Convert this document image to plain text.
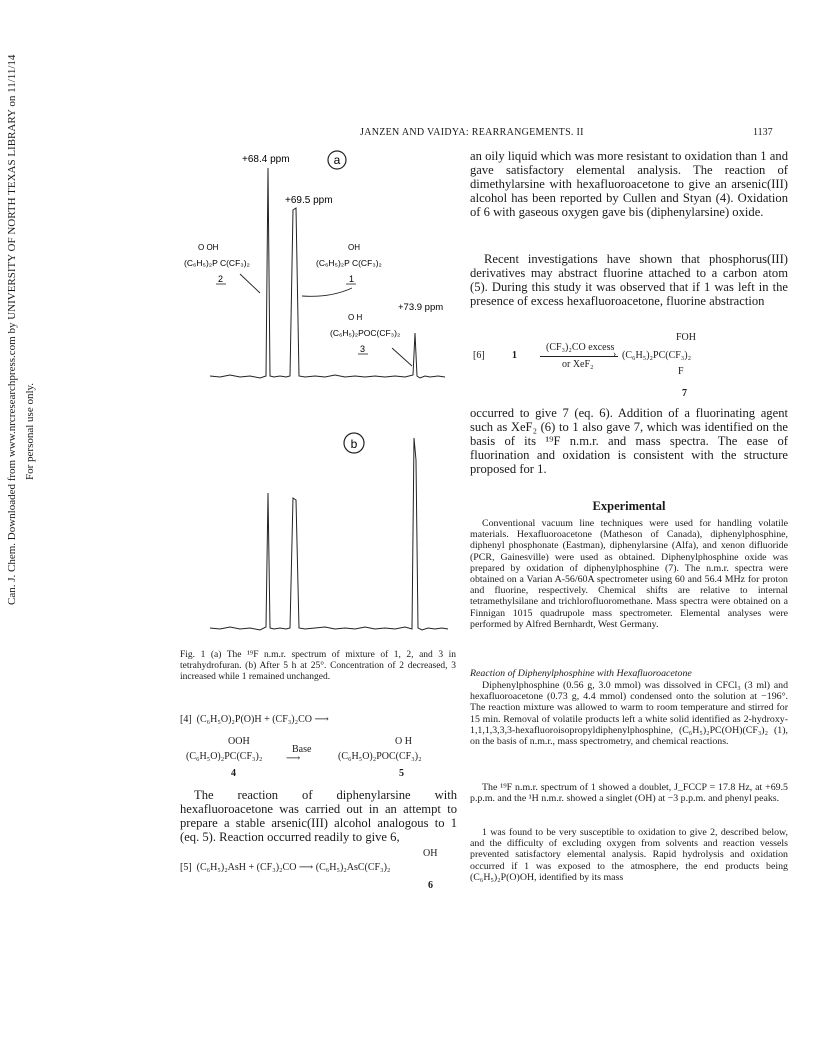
Can. J. Chem. Downloaded from www.nrcresearchpress.com by UNIVERSITY OF NORTH TEXAS LIBRARY on 11/11/14 For personal use only.
JANZEN AND VAIDYA: REARRANGEMENTS. II	1137
a
+68.4 ppm
+69.5 ppm
+73.9 ppm
O OH
(C₆H₅)₂P C(CF₃)₂
2
OH
(C₆H₅)₂P C(CF₃)₂
1
O H
(C₆H₅)₂POC(CF₃)₂
3
b

Fig. 1 (a) The ¹⁹F n.m.r. spectrum of mixture of 1, 2, and 3 in tetrahydrofuran. (b) After 5 h at 25°. Concentration of 2 decreased, 3 increased while 1 remained unchanged.

[4] (C₆H₅O)₂P(O)H + (CF₃)₂CO ⟶
OOH
(C₆H₅O)₂PC(CF₃)₂
Base
⟶
O H
(C₆H₅O)₂POC(CF₃)₂
4	5

The reaction of diphenylarsine with hexafluoroacetone was carried out in an attempt to prepare a stable arsenic(III) alcohol analogous to 1 (eq. 5). Reaction occurred readily to give 6,

OH
[5] (C₆H₅)₂AsH + (CF₃)₂CO ⟶ (C₆H₅)₂AsC(CF₃)₂
6

an oily liquid which was more resistant to oxidation than 1 and gave satisfactory elemental analysis. The reaction of dimethylarsine with hexafluoroacetone to give an arsenic(III) alcohol has been reported by Cullen and Styan (4). Oxidation of 6 with gaseous oxygen gave bis (diphenylarsine) oxide.

Recent investigations have shown that phosphorus(III) derivatives may abstract fluorine attached to a carbon atom (5). During this study it was observed that if 1 was left in the presence of excess hexafluoroacetone, fluorine abstraction

FOH
[6]	1
(CF₃)₂CO excess
›
or XeF₂
(C₆H₅)₂PC(CF₃)₂
F
7

occurred to give 7 (eq. 6). Addition of a fluorinating agent such as XeF₂ (6) to 1 also gave 7, which was identified on the basis of its ¹⁹F n.m.r. and mass spectra. The ease of fluorination and oxidation is consistent with the structure proposed for 1.

Experimental

Conventional vacuum line techniques were used for handling volatile materials. Hexafluoroacetone (Matheson of Canada), diphenylphosphine, diphenyl phosphonate (Eastman), diphenylarsine (Alfa), and xenon difluoride (PCR, Gainesville) were used as obtained. Diphenylphosphine oxide was prepared by oxidation of diphenylphosphine (7). The n.m.r. spectra were obtained on a Varian A-56/60A spectrometer using 60 and 56.4 MHz for proton and fluorine, respectively. Chemical shifts are relative to internal tetramethylsilane and trichlorofluoromethane. Mass spectra were obtained on a Finnigan 1015 quadrupole mass spectrometer. Elemental analyses were performed by Alfred Bernhardt, West Germany.

Reaction of Diphenylphosphine with Hexafluoroacetone

Diphenylphosphine (0.56 g, 3.0 mmol) was dissolved in CFCl₃ (3 ml) and hexafluoroacetone (0.73 g, 4.4 mmol) condensed onto the solution at −196°. The reaction mixture was allowed to warm to room temperature and stirred for 15 min. Removal of volatile products left a white solid identified as 2-hydroxy-1,1,1,3,3,3-hexafluoroisopropyldiphenylphosphine, (C₆H₅)₂PC(OH)(CF₃)₂ (1), on the basis of n.m.r., mass spectrometry, and chemical reactions.

The ¹⁹F n.m.r. spectrum of 1 showed a doublet, J_FCCP = 17.8 Hz, at +69.5 p.p.m. and the ¹H n.m.r. showed a singlet (OH) at −3 p.p.m. and phenyl peaks.

1 was found to be very susceptible to oxidation to give 2, described below, and the difficulty of excluding oxygen from solvents and reaction vessels prevented satisfactory elemental analysis. Rapid hydrolysis and oxidation occurred if 1 was exposed to the atmosphere, the end products being (C₆H₅)₂P(O)OH, identified by its mass
